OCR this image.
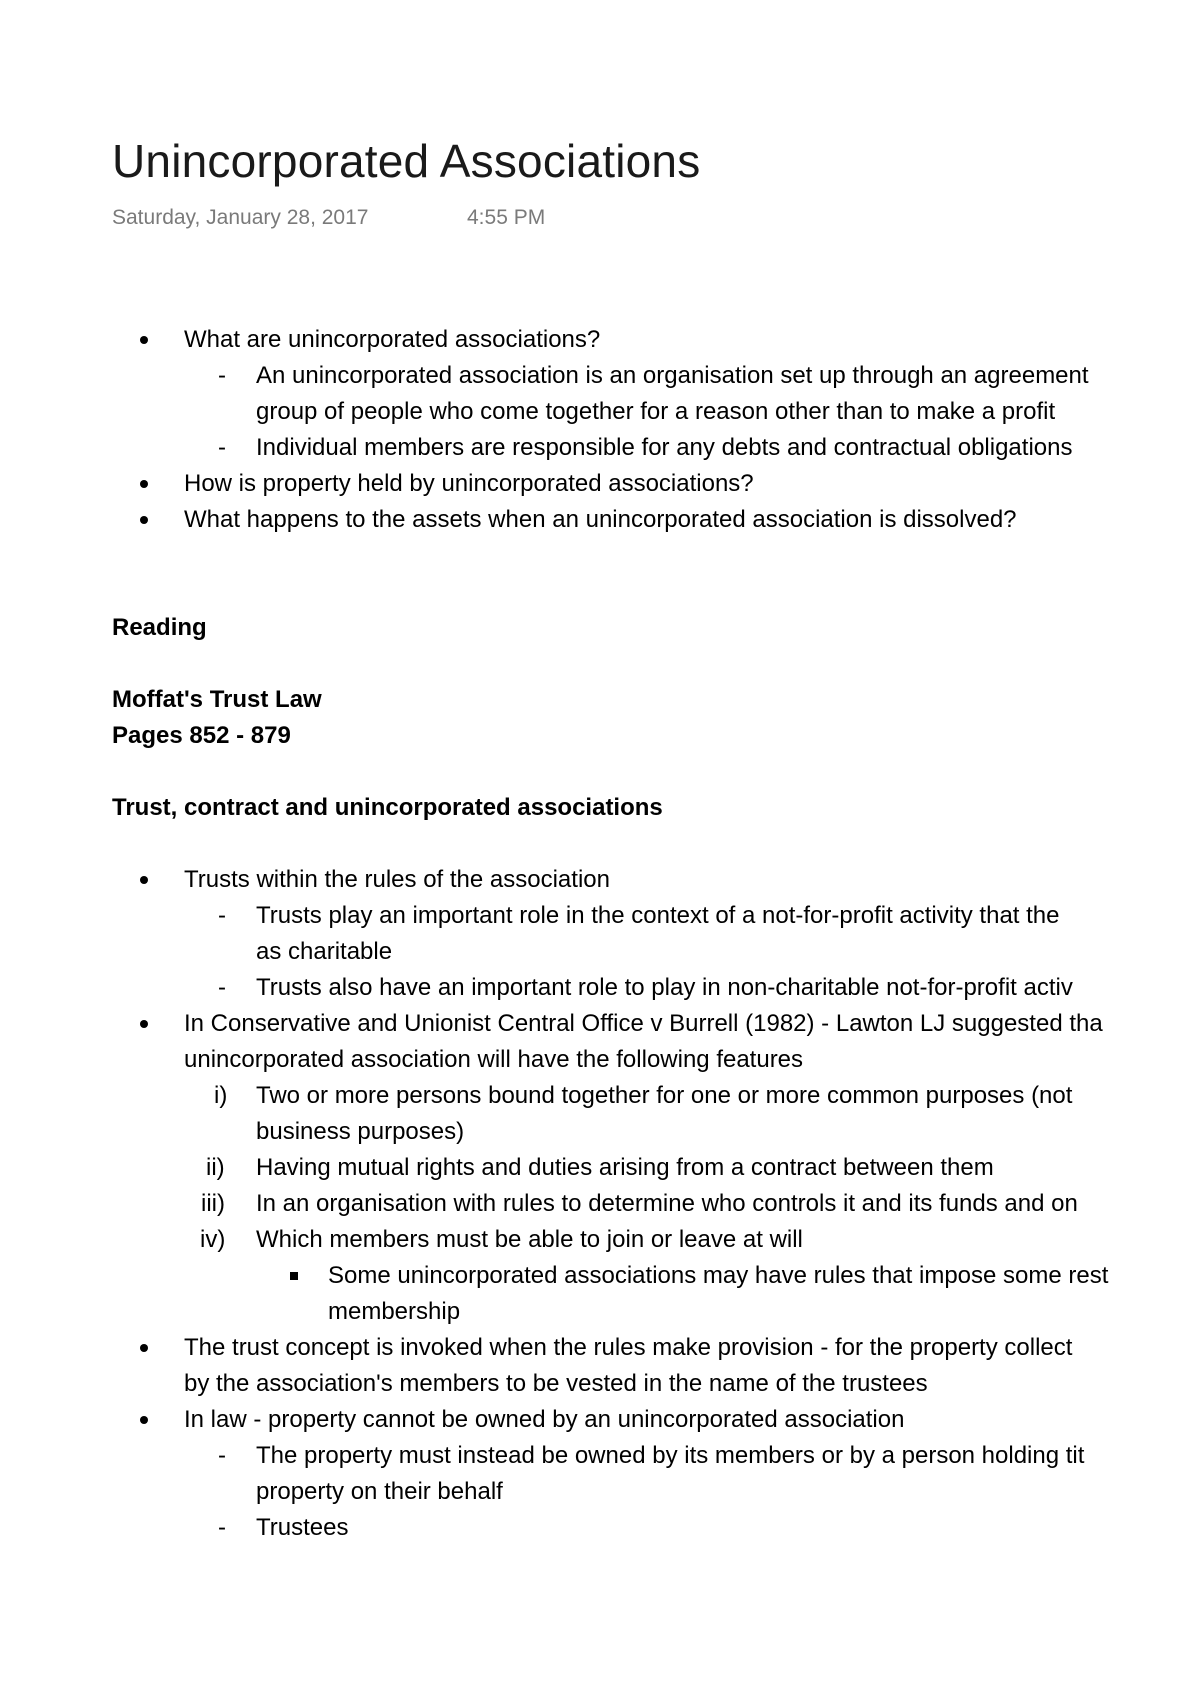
Unincorporated Associations
Saturday, January 28, 2017	4:55 PM
What are unincorporated associations?
- An unincorporated association is an organisation set up through an agreement
group of people who come together for a reason other than to make a profit
- Individual members are responsible for any debts and contractual obligations
How is property held by unincorporated associations?
What happens to the assets when an unincorporated association is dissolved?
Reading
Moffat's Trust Law
Pages 852 - 879
Trust, contract and unincorporated associations
Trusts within the rules of the association
- Trusts play an important role in the context of a not-for-profit activity that the
as charitable
- Trusts also have an important role to play in non-charitable not-for-profit activ
In Conservative and Unionist Central Office v Burrell (1982) - Lawton LJ suggested tha
unincorporated association will have the following features
i) Two or more persons bound together for one or more common purposes (not
business purposes)
ii) Having mutual rights and duties arising from a contract between them
iii) In an organisation with rules to determine who controls it and its funds and on
iv) Which members must be able to join or leave at will
Some unincorporated associations may have rules that impose some rest
membership
The trust concept is invoked when the rules make provision - for the property collect
by the association's members to be vested in the name of the trustees
In law - property cannot be owned by an unincorporated association
- The property must instead be owned by its members or by a person holding tit
property on their behalf
- Trustees
